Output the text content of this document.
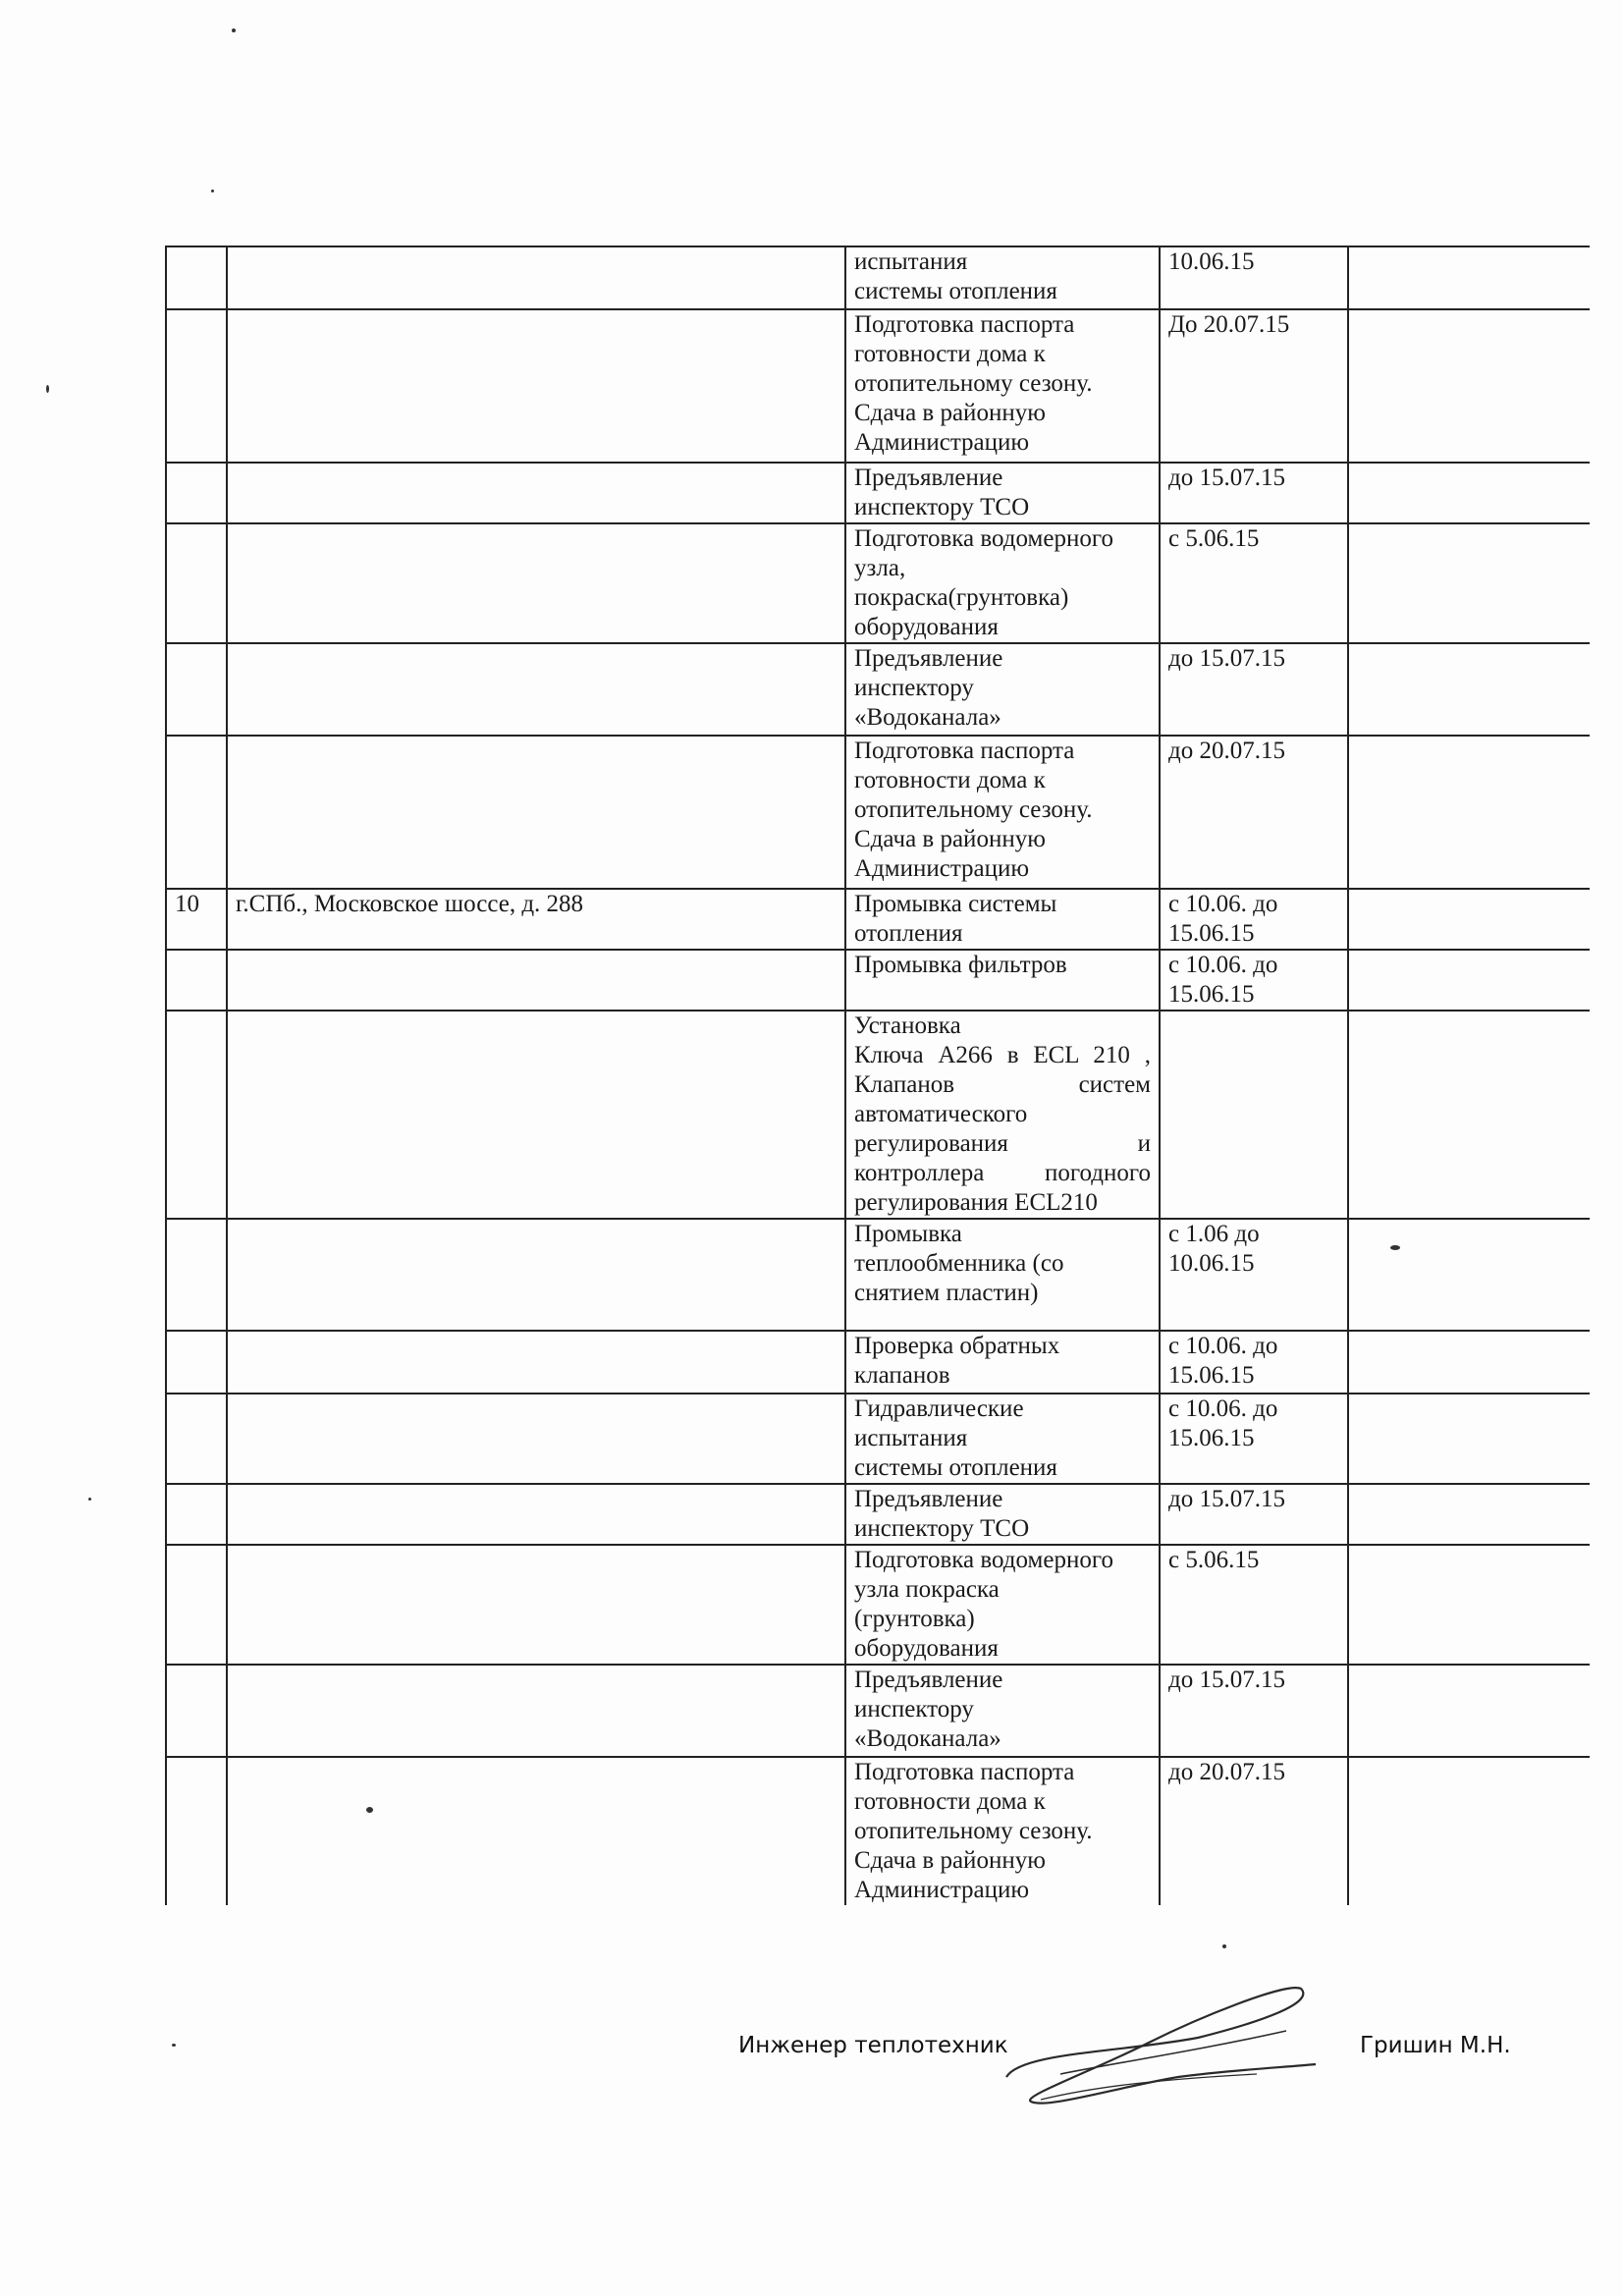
		испытания
системы отопления	10.06.15	

		Подготовка паспорта
готовности дома к
отопительному сезону.
Сдача в районную
Администрацию	До 20.07.15	

		Предъявление
инспектору ТСО	до 15.07.15	

		Подготовка водомерного
узла,
покраска(грунтовка)
оборудования	с 5.06.15	

		Предъявление
инспектору
«Водоканала»	до 15.07.15	

		Подготовка паспорта
готовности дома к
отопительному сезону.
Сдача в районную
Администрацию	до 20.07.15	

10	г.СПб., Московское шоссе, д. 288	Промывка системы
отопления	с 10.06. до
15.06.15	

		Промывка фильтров	с 10.06. до
15.06.15	

		Установка
Ключа А266 в ECL 210 , Клапанов систем автоматического регулирования и контроллера погодного регулирования ECL210		

		Промывка
теплообменника (со
снятием пластин)	с 1.06 до
10.06.15	

		Проверка обратных
клапанов	с 10.06. до
15.06.15	

		Гидравлические
испытания
системы отопления	с 10.06. до
15.06.15	

		Предъявление
инспектору ТСО	до 15.07.15	

		Подготовка водомерного
узла покраска
(грунтовка)
оборудования	с 5.06.15	

		Предъявление
инспектору
«Водоканала»	до 15.07.15	

		Подготовка паспорта
готовности дома к
отопительному сезону.
Сдача в районную
Администрацию	до 20.07.15	

Инженер теплотехник	Гришин М.Н.
